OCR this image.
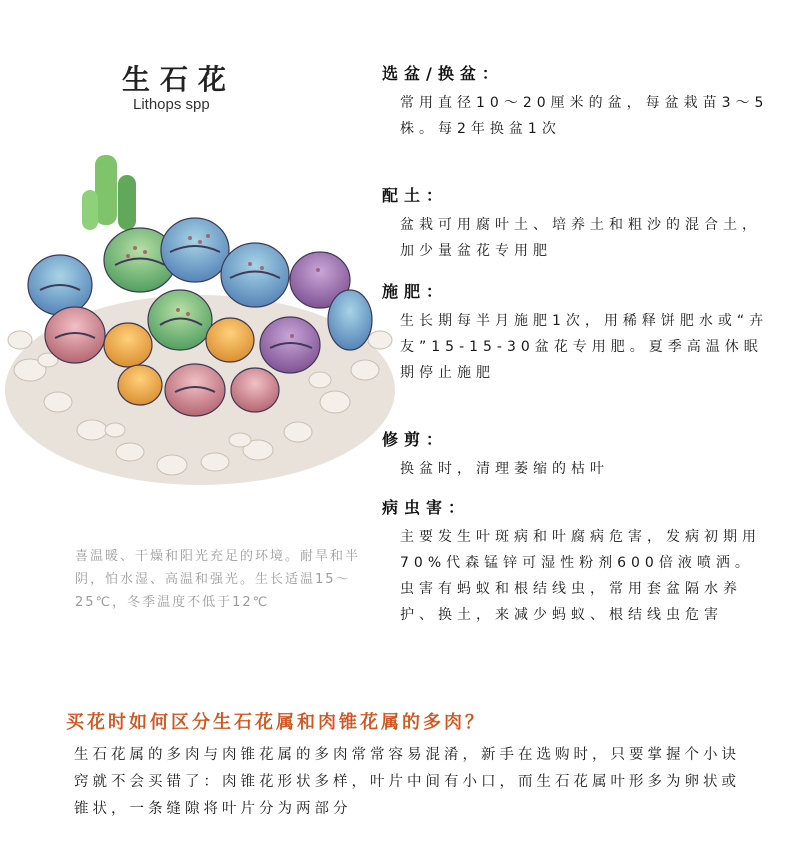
生石花
Lithops spp
喜温暖、干燥和阳光充足的环境。耐旱和半阴，怕水湿、高温和强光。生长适温15～25℃，冬季温度不低于12℃
选盆/换盆：
常用直径10～20厘米的盆，每盆栽苗3～5株。每2年换盆1次
配土：
盆栽可用腐叶土、培养土和粗沙的混合土，加少量盆花专用肥
施肥：
生长期每半月施肥1次，用稀释饼肥水或“卉友”15-15-30盆花专用肥。夏季高温休眠期停止施肥
修剪：
换盆时，清理萎缩的枯叶
病虫害：
主要发生叶斑病和叶腐病危害，发病初期用70%代森锰锌可湿性粉剂600倍液喷洒。虫害有蚂蚁和根结线虫，常用套盆隔水养护、换土，来减少蚂蚁、根结线虫危害
买花时如何区分生石花属和肉锥花属的多肉？
生石花属的多肉与肉锥花属的多肉常常容易混淆，新手在选购时，只要掌握个小诀窍就不会买错了：肉锥花形状多样，叶片中间有小口，而生石花属叶形多为卵状或锥状，一条缝隙将叶片分为两部分
